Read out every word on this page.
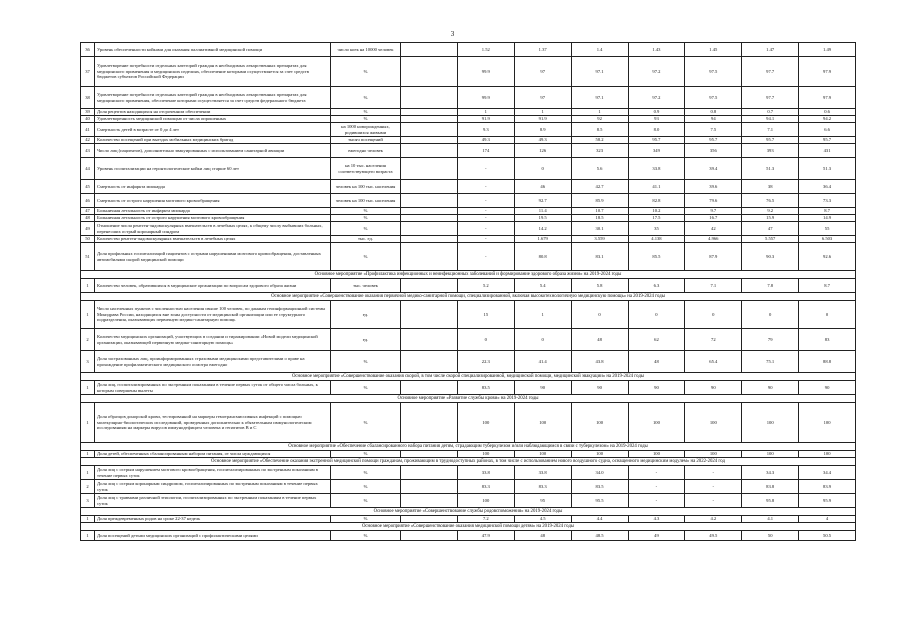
3
36	Уровень обеспеченности койками для оказания паллиативной медицинской помощи	число коек на 10000 человек		1.52	1.37	1.4	1.43	1.45	1.47	1.49	
37	Удовлетворение потребности отдельных категорий граждан в необходимых лекарственных препаратах для медицинского применения и медицинских изделиях, обеспечение которыми осуществляется за счет средств бюджетов субъектов Российской Федерации	%		99.9	97	97.1	97.2	97.5	97.7	97.9	
38	Удовлетворение потребности отдельных категорий граждан в необходимых лекарственных препаратах для медицинского применения, обеспечение которыми осуществляется за счет средств федерального бюджета	%		99.9	97	97.1	97.2	97.5	97.7	97.9	
39	Доля рецептов находящихся на отсроченном обеспечении	%		1	1	1	0.9	0.8	0.7	0.6	
40	Удовлетворенность медицинской помощью от числа опрошенных	%		91.9	91.9	92	93	94	94.1	94.2	
41	Смертность детей в возрасте от 0 до 4 лет	на 1000 новорожденных, родившихся живыми		9.3	8.9	8.5	8.0	7.5	7.1	6.6	
42	Количество посещений при выездах мобильных медицинских бригад	тысяч посещений		49.3	49.3	58.2	95.7	95.7	95.7	95.7	
43	Число лиц (пациентов), дополнительно эвакуированных с использованием санитарной авиации	ежегодно человек		174	126	323	349	356	393	431	
44	Уровень госпитализации на геронтологические койки лиц старше 60 лет	на 10 тыс. населения соответствующего возраста		-	0	5.6	33.8	39.4	51.3	51.3	
45	Смертность от инфаркта миокарда	человек на 100 тыс. населения		-	46	42.7	41.1	39.6	38	36.4	
46	Смертность от острого нарушения мозгового кровообращения	человек на 100 тыс. населения		-	92.7	85.9	82.8	79.6	76.5	73.3	
47	Больничная летальность от инфаркта миокарда	%		-	11.4	10.7	10.2	9.7	9.2	8.7	
48	Больничная летальность от острого нарушения мозгового кровообращения	%		-	19.5	18.5	17.5	16.7	15.9	14.9	
49	Отношение числа рентген-эндоваскулярных вмешательств в лечебных целях, к общему числу выбывших больных, перенесших острый коронарный синдром	%		-	14.2	30.1	35	42	47	55	
50	Количество рентген-эндоваскулярных вмешательств в лечебных целях	тыс. ед.		-	1.679	3.559	4.138	4.966	5.557	6.503	
51	Доля профильных госпитализаций пациентов с острыми нарушениями мозгового кровообращения, доставленных автомобилями скорой медицинской помощи	%		-	80.8	83.1	85.5	87.9	90.3	92.6	
Основное мероприятие «Профилактика инфекционных и неинфекционных заболеваний и формирование здорового образа жизни» на 2019-2024 годы											
1	Количество человек, обратившихся в медицинские организации по вопросам здорового образа жизни	тыс. человек		5.2	5.4	5.8	6.3	7.1	7.8	8.7	
Основное мероприятие «Совершенствование оказания первичной медико-санитарной помощи, специализированной, включая высокотехнологичную медицинскую помощь» на 2019-2024 годы											
1	Число населенных пунктов с численностью населения свыше 100 человек, по данным геоинформационной системы Минздрава России, находящихся вне зоны доступности от медицинской организации или ее структурного подразделения, оказывающих первичную медико-санитарную помощь	ед.		15	1	0	0	0	0	0	
2	Количество медицинских организаций, участвующих в создании и тиражировании «Новой модели медицинской организации, оказывающей первичную медико-санитарную помощь»	ед.		0	0	48	62	72	79	83	
3	Доля застрахованных лиц, проинформированных страховыми медицинскими представителями о праве на прохождение профилактического медицинского осмотра ежегодно	%		22.3	41.4	43.8	48	65.4	75.1	88.8	
Основное мероприятие «Совершенствование оказания скорой, в том числе скорой специализированной, медицинской помощи, медицинской эвакуации» на 2019-2024 годы											
1	Доля лиц, госпитализированных по экстренным показаниям в течение первых суток от общего числа больных, к которым совершены вылеты	%		83.5	90	90	90	90	90	90	
Основное мероприятие «Развитие службы крови» на 2019-2024 годы											
1	Доля образцов донорской крови, тестированной на маркеры гемотрансмиссивных инфекций с помощью молекулярно-биологических исследований, проведенных дополнительно к обязательным иммунологическим исследованиям на маркеры вирусов иммунодефицита человека и гепатитов В и С	%		100	100	100	100	100	100	100	
Основное мероприятие «Обеспечение сбалансированного набора питания детям, страдающим туберкулезом и/или наблюдающимся в связи с туберкулезом» на 2019-2024 годы											
1	Доля детей, обеспеченных сбалансированным набором питания, от числа нуждающихся	%		100	100	100	100	100	100	100	
Основное мероприятие «Обеспечение оказания экстренной медицинской помощи гражданам, проживающим в труднодоступных районах, в том числе с использованием нового воздушного судна, оснащенного медицинским модулем» на 2022-2024 год											
1	Доля лиц с острым нарушением мозгового кровообращения, госпитализированных по экстренным показаниям в течение первых суток	%		33.8	33.8	34.0	-	-	34.3	34.4	
2	Доля лиц с острым коронарным синдромом, госпитализированных по экстренным показаниям в течение первых суток	%		83.3	83.3	83.5	-	-	83.8	83.9	
3	Доля лиц с травмами различной этиологии, госпитализированных по экстренным показаниям в течение первых суток	%		100	95	95.5	-	-	95.8	95.9	
Основное мероприятие «Совершенствование службы родовспоможения» на 2019-2024 годы											
1	Доля преждевременных родов на сроке 22-37 недель	%		7.2	4.5	4.4	4.3	4.2	4.1	4	
Основное мероприятие «Совершенствование оказания медицинской помощи детям» на 2019-2024 годы											
1	Доля посещений детьми медицинских организаций с профилактическими целями	%		47.9	48	48.5	49	49.5	50	50.5	
